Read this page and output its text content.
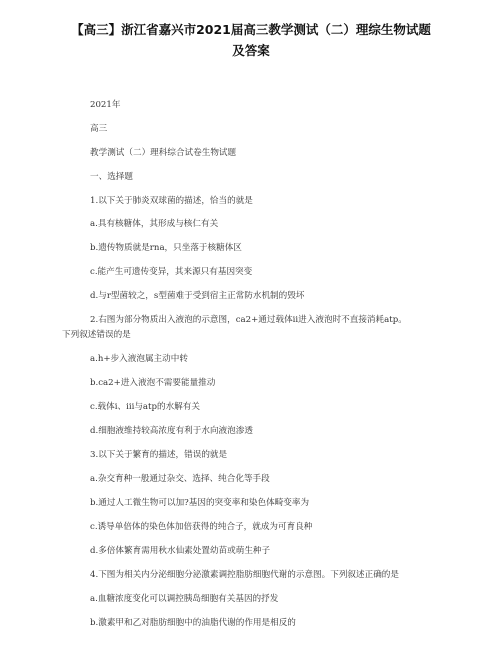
【高三】浙江省嘉兴市2021届高三教学测试（二）理综生物试题
及答案
2021年
高三
教学测试（二）理科综合试卷生物试题
一、选择题
1.以下关于肺炎双球菌的描述，恰当的就是
a.具有核糖体，其形成与核仁有关
b.遗传物质就是rna，只坐落于核糖体区
c.能产生可遗传变异，其来源只有基因突变
d.与r型菌较之，s型菌难于受到宿主正常防水机制的毁坏
2.右图为部分物质出入液泡的示意图，ca2+通过载体ii进入液泡时不直接消耗atp。
下列叙述错误的是
a.h+步入液泡属主动中转
b.ca2+进入液泡不需要能量推动
c.载体ⅰ、ⅲ与atp的水解有关
d.细胞液维持较高浓度有利于水向液泡渗透
3.以下关于繁育的描述，错误的就是
a.杂交育种一般通过杂交、选择、纯合化等手段
b.通过人工微生物可以加?基因的突变率和染色体畸变率为
c.诱导单倍体的染色体加倍获得的纯合子，就成为可育良种
d.多倍体繁育需用秋水仙素处置幼苗或萌生种子
4.下图为相关内分泌细胞分泌激素调控脂肪细胞代谢的示意图。下列叙述正确的是
a.血糖浓度变化可以调控胰岛细胞有关基因的抒发
b.激素甲和乙对脂肪细胞中的油脂代谢的作用是相反的
